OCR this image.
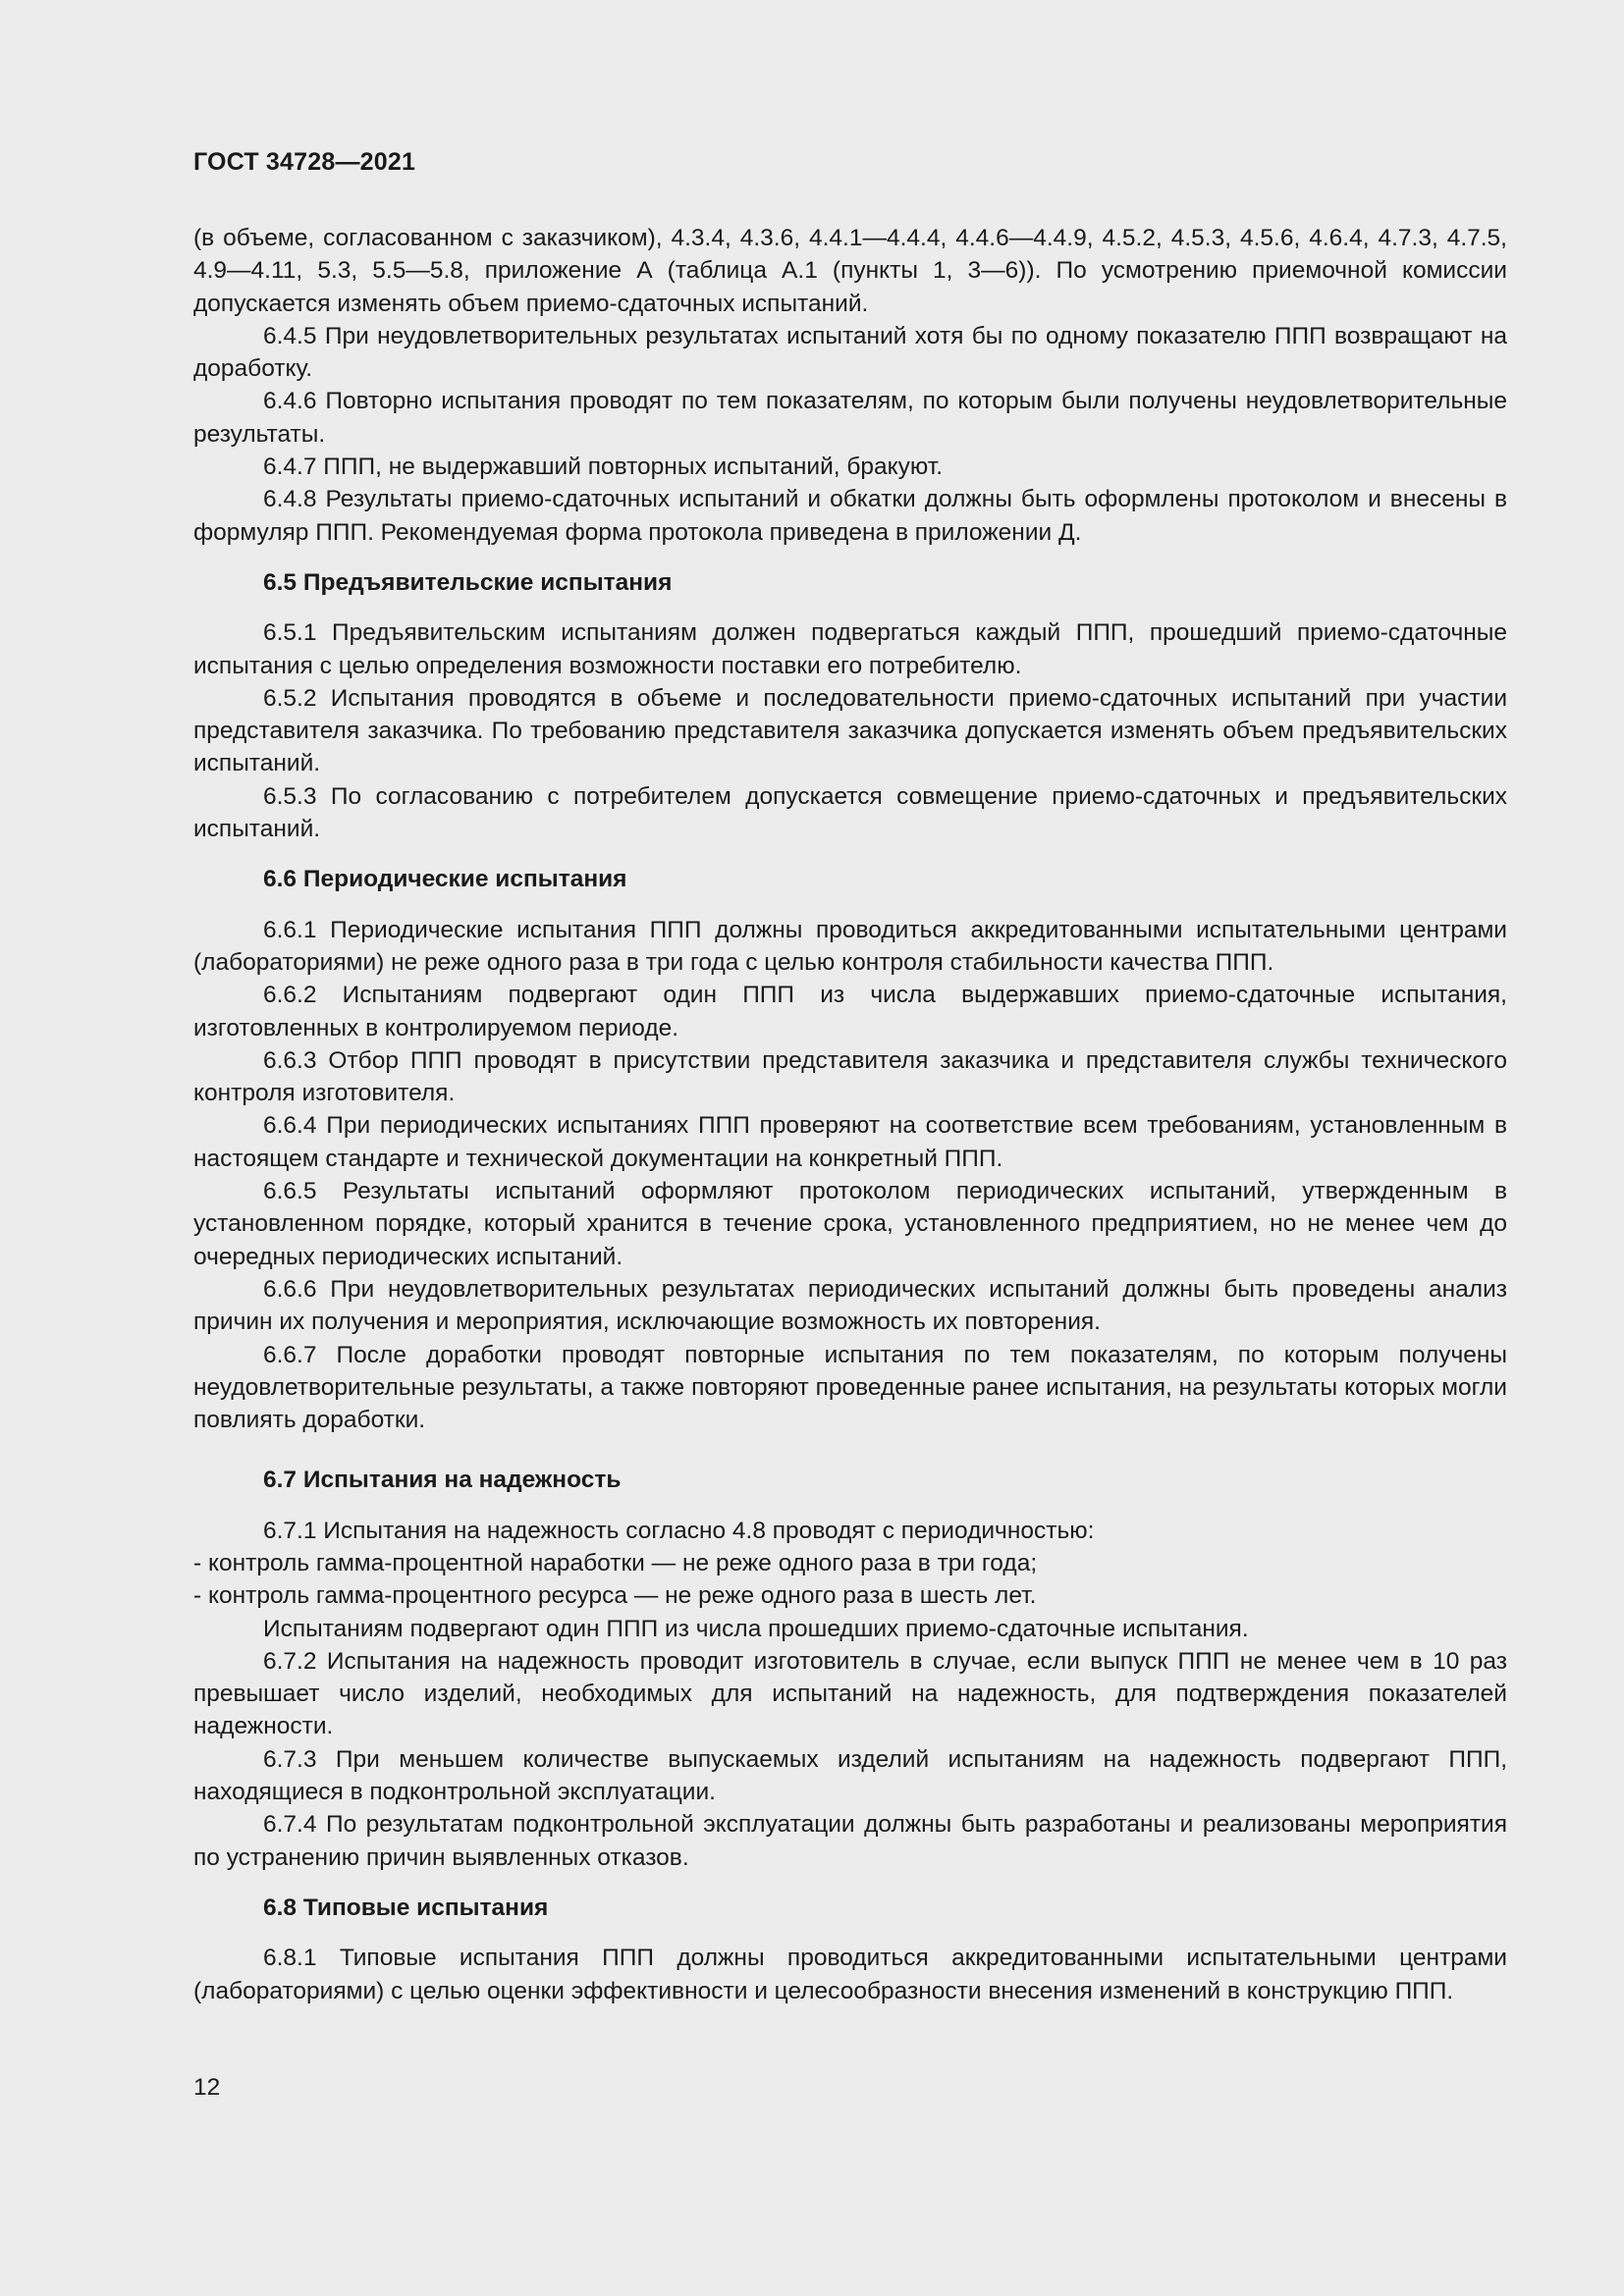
ГОСТ 34728—2021

(в объеме, согласованном с заказчиком), 4.3.4, 4.3.6, 4.4.1—4.4.4, 4.4.6—4.4.9, 4.5.2, 4.5.3, 4.5.6, 4.6.4, 4.7.3, 4.7.5, 4.9—4.11, 5.3, 5.5—5.8, приложение А (таблица А.1 (пункты 1, 3—6)). По усмотрению приемочной комиссии допускается изменять объем приемо-сдаточных испытаний.

6.4.5 При неудовлетворительных результатах испытаний хотя бы по одному показателю ППП возвращают на доработку.

6.4.6 Повторно испытания проводят по тем показателям, по которым были получены неудовлетворительные результаты.

6.4.7 ППП, не выдержавший повторных испытаний, бракуют.

6.4.8 Результаты приемо-сдаточных испытаний и обкатки должны быть оформлены протоколом и внесены в формуляр ППП. Рекомендуемая форма протокола приведена в приложении Д.

6.5 Предъявительские испытания

6.5.1 Предъявительским испытаниям должен подвергаться каждый ППП, прошедший приемо-сдаточные испытания с целью определения возможности поставки его потребителю.

6.5.2 Испытания проводятся в объеме и последовательности приемо-сдаточных испытаний при участии представителя заказчика. По требованию представителя заказчика допускается изменять объем предъявительских испытаний.

6.5.3 По согласованию с потребителем допускается совмещение приемо-сдаточных и предъявительских испытаний.

6.6 Периодические испытания

6.6.1 Периодические испытания ППП должны проводиться аккредитованными испытательными центрами (лабораториями) не реже одного раза в три года с целью контроля стабильности качества ППП.

6.6.2 Испытаниям подвергают один ППП из числа выдержавших приемо-сдаточные испытания, изготовленных в контролируемом периоде.

6.6.3 Отбор ППП проводят в присутствии представителя заказчика и представителя службы технического контроля изготовителя.

6.6.4 При периодических испытаниях ППП проверяют на соответствие всем требованиям, установленным в настоящем стандарте и технической документации на конкретный ППП.

6.6.5 Результаты испытаний оформляют протоколом периодических испытаний, утвержденным в установленном порядке, который хранится в течение срока, установленного предприятием, но не менее чем до очередных периодических испытаний.

6.6.6 При неудовлетворительных результатах периодических испытаний должны быть проведены анализ причин их получения и мероприятия, исключающие возможность их повторения.

6.6.7 После доработки проводят повторные испытания по тем показателям, по которым получены неудовлетворительные результаты, а также повторяют проведенные ранее испытания, на результаты которых могли повлиять доработки.

6.7 Испытания на надежность

6.7.1 Испытания на надежность согласно 4.8 проводят с периодичностью:

- контроль гамма-процентной наработки — не реже одного раза в три года;

- контроль гамма-процентного ресурса — не реже одного раза в шесть лет.

Испытаниям подвергают один ППП из числа прошедших приемо-сдаточные испытания.

6.7.2 Испытания на надежность проводит изготовитель в случае, если выпуск ППП не менее чем в 10 раз превышает число изделий, необходимых для испытаний на надежность, для подтверждения показателей надежности.

6.7.3 При меньшем количестве выпускаемых изделий испытаниям на надежность подвергают ППП, находящиеся в подконтрольной эксплуатации.

6.7.4 По результатам подконтрольной эксплуатации должны быть разработаны и реализованы мероприятия по устранению причин выявленных отказов.

6.8 Типовые испытания

6.8.1 Типовые испытания ППП должны проводиться аккредитованными испытательными центрами (лабораториями) с целью оценки эффективности и целесообразности внесения изменений в конструкцию ППП.

12
